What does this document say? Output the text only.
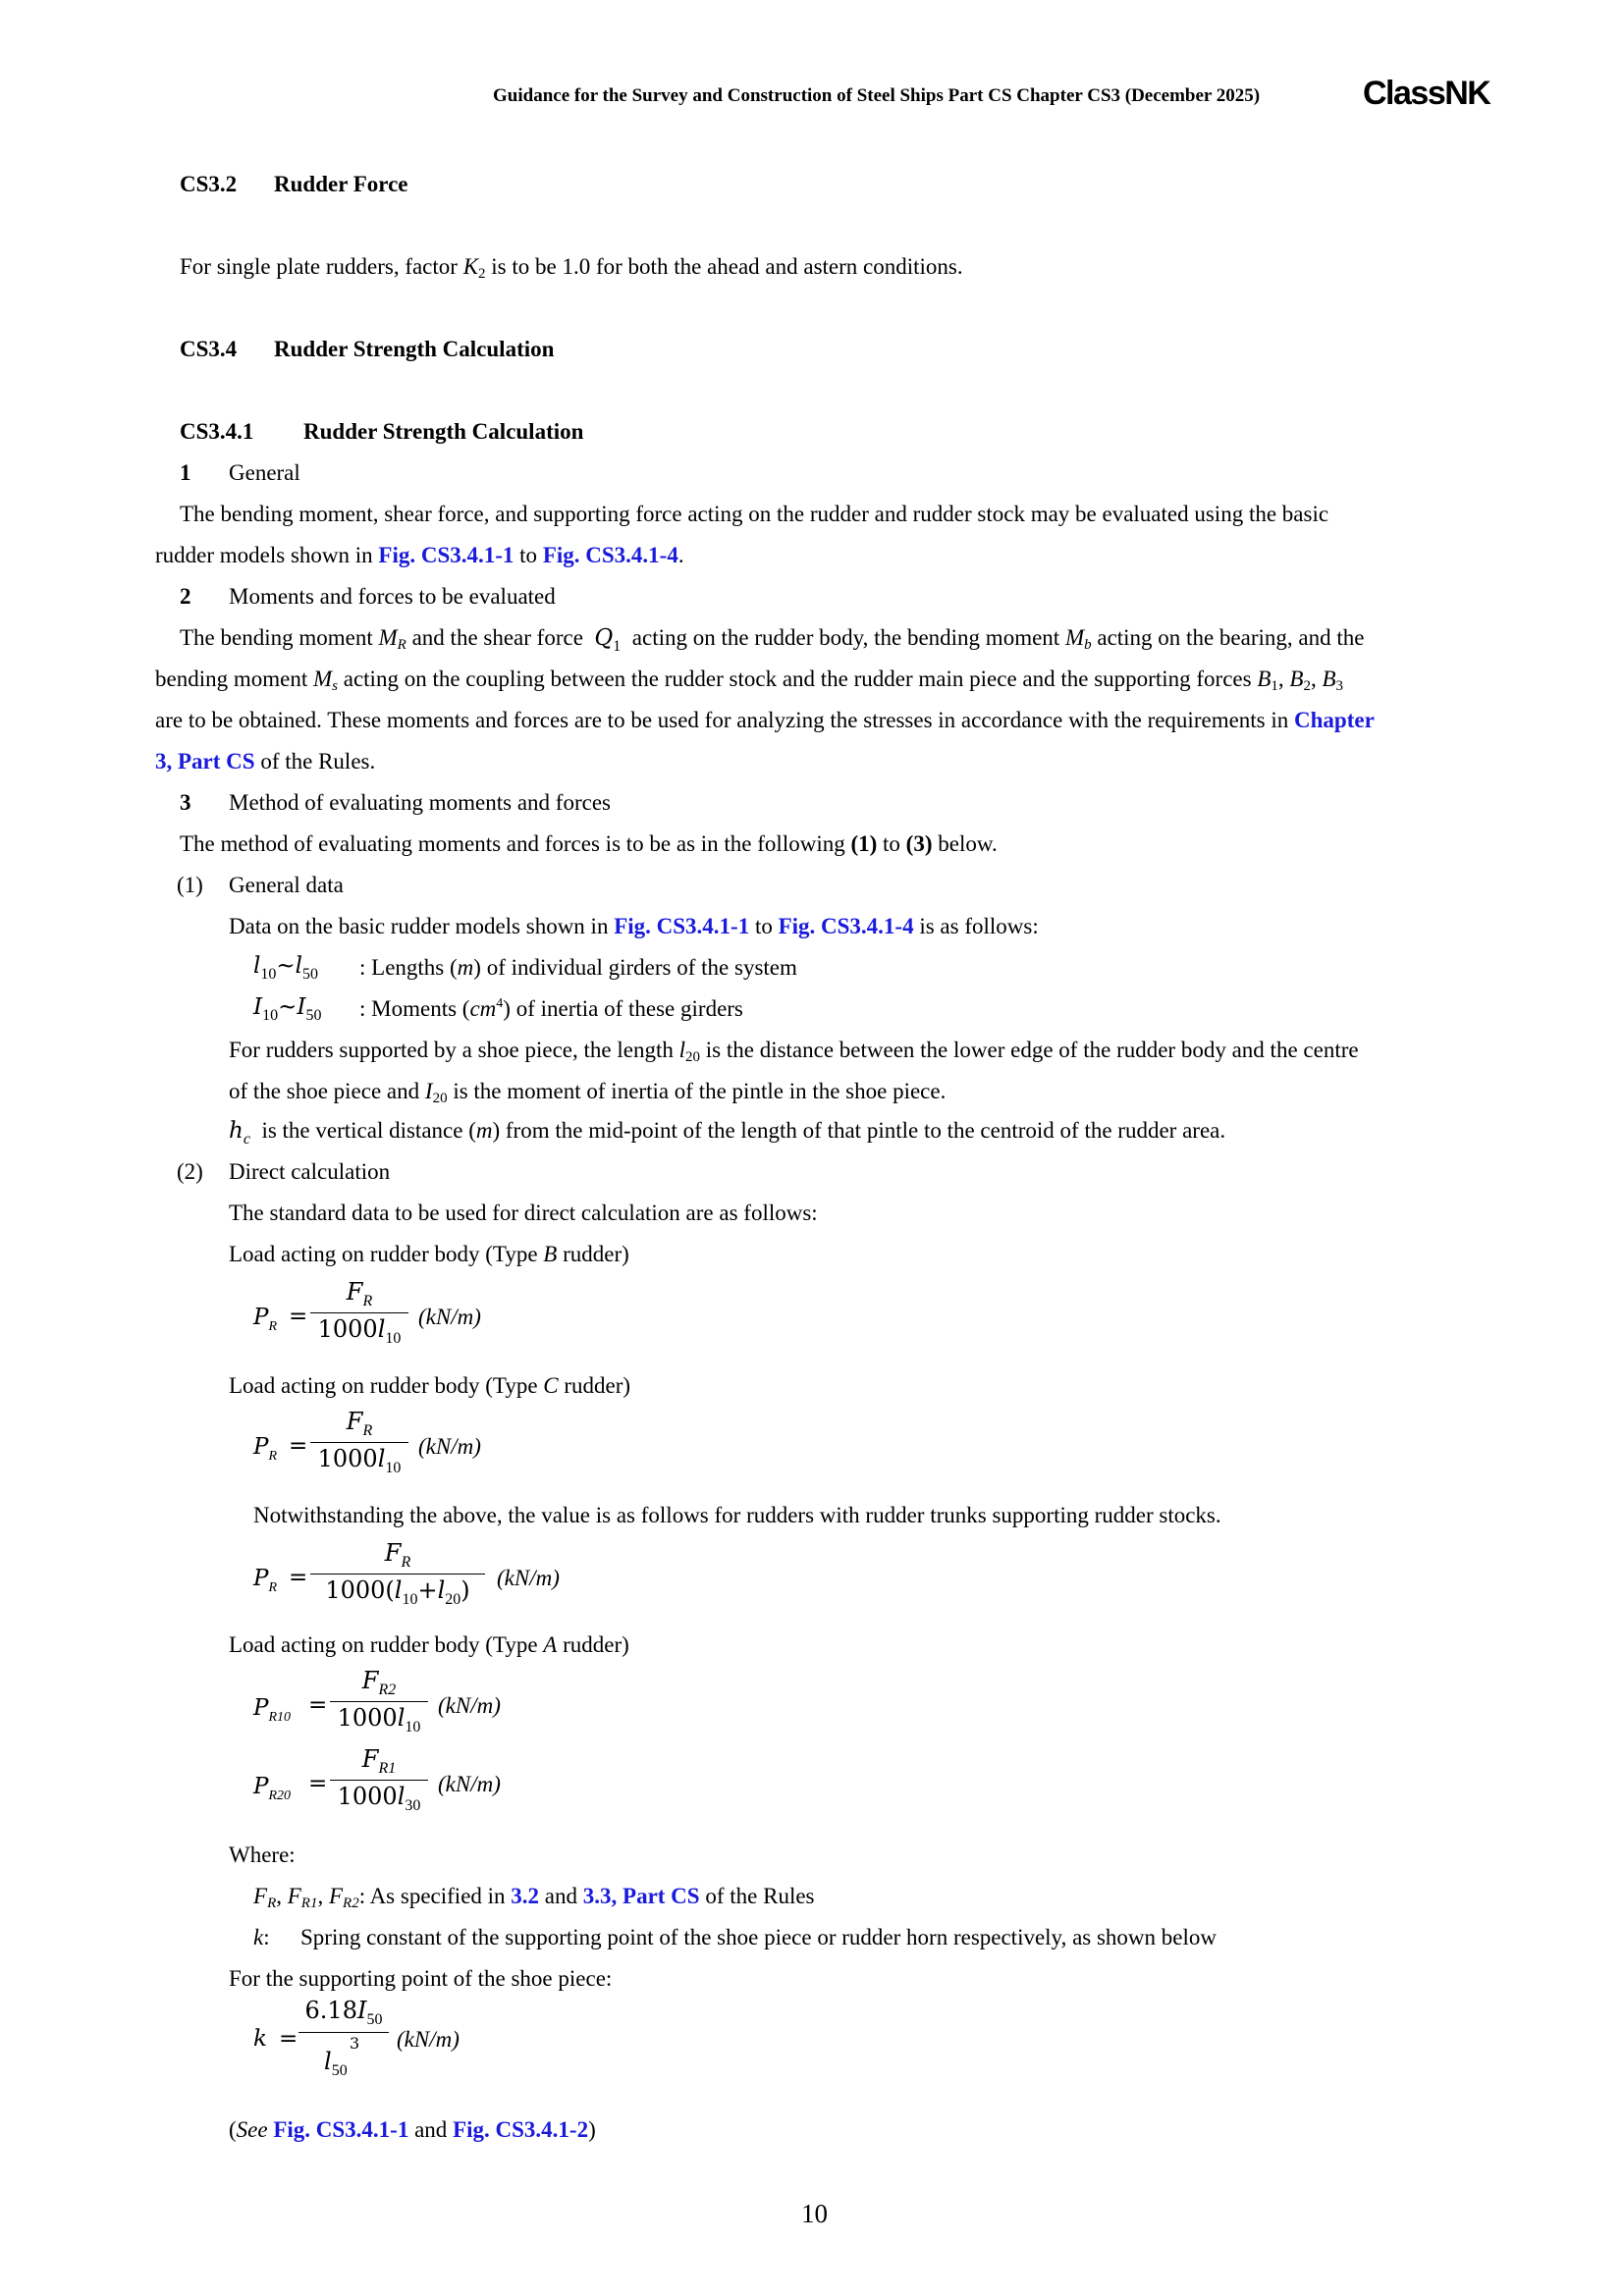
Guidance for the Survey and Construction of Steel Ships Part CS Chapter CS3 (December 2025)	ClassNK
CS3.2 Rudder Force
For single plate rudders, factor $K_2$ is to be 1.0 for both the ahead and astern conditions.
CS3.4 Rudder Strength Calculation
CS3.4.1 Rudder Strength Calculation
1 General
The bending moment, shear force, and supporting force acting on the rudder and rudder stock may be evaluated using the basic
rudder models shown in Fig. CS3.4.1-1 to Fig. CS3.4.1-4.
2 Moments and forces to be evaluated
The bending moment $M_R$ and the shear force  $Q_1$  acting on the rudder body, the bending moment $M_b$ acting on the bearing, and the
bending moment $M_s$ acting on the coupling between the rudder stock and the rudder main piece and the supporting forces $B_1$, $B_2$, $B_3$
are to be obtained. These moments and forces are to be used for analyzing the stresses in accordance with the requirements in Chapter
3, Part CS of the Rules.
3 Method of evaluating moments and forces
The method of evaluating moments and forces is to be as in the following (1) to (3) below.
(1) General data
Data on the basic rudder models shown in Fig. CS3.4.1-1 to Fig. CS3.4.1-4 is as follows:
$l_{10}\sim l_{50}$ : Lengths (m) of individual girders of the system
$I_{10}\sim I_{50}$ : Moments $(cm^4)$ of inertia of these girders
For rudders supported by a shoe piece, the length $l_{20}$ is the distance between the lower edge of the rudder body and the centre
of the shoe piece and $I_{20}$ is the moment of inertia of the pintle in the shoe piece.
$h_c$  is the vertical distance (m) from the mid-point of the length of that pintle to the centroid of the rudder area.
(2) Direct calculation
The standard data to be used for direct calculation are as follows:
Load acting on rudder body (Type B rudder)
$P_R$ =
$F_R$
$1000l_{10}$
(kN/m)
Load acting on rudder body (Type C rudder)
$P_R$ =
$F_R$
$1000l_{10}$
(kN/m)
Notwithstanding the above, the value is as follows for rudders with rudder trunks supporting rudder stocks.
$P_R$ =
$F_R$
$1000(l_{10}+l_{20})$	(kN/m)
Load acting on rudder body (Type A rudder)
$P_{R10}$ =
$F_{R2}$
$1000l_{10}$
(kN/m)
$P_{R20}$ =
$F_{R1}$
$1000l_{30}$
(kN/m)
Where:
$F_R$, $F_{R1}$, $F_{R2}$: As specified in 3.2 and 3.3, Part CS of the Rules
k: Spring constant of the supporting point of the shoe piece or rudder horn respectively, as shown below
For the supporting point of the shoe piece:
k =
$6.18I_{50}$
3
$l_{50}$
(kN/m)
(See Fig. CS3.4.1-1 and Fig. CS3.4.1-2)
10
